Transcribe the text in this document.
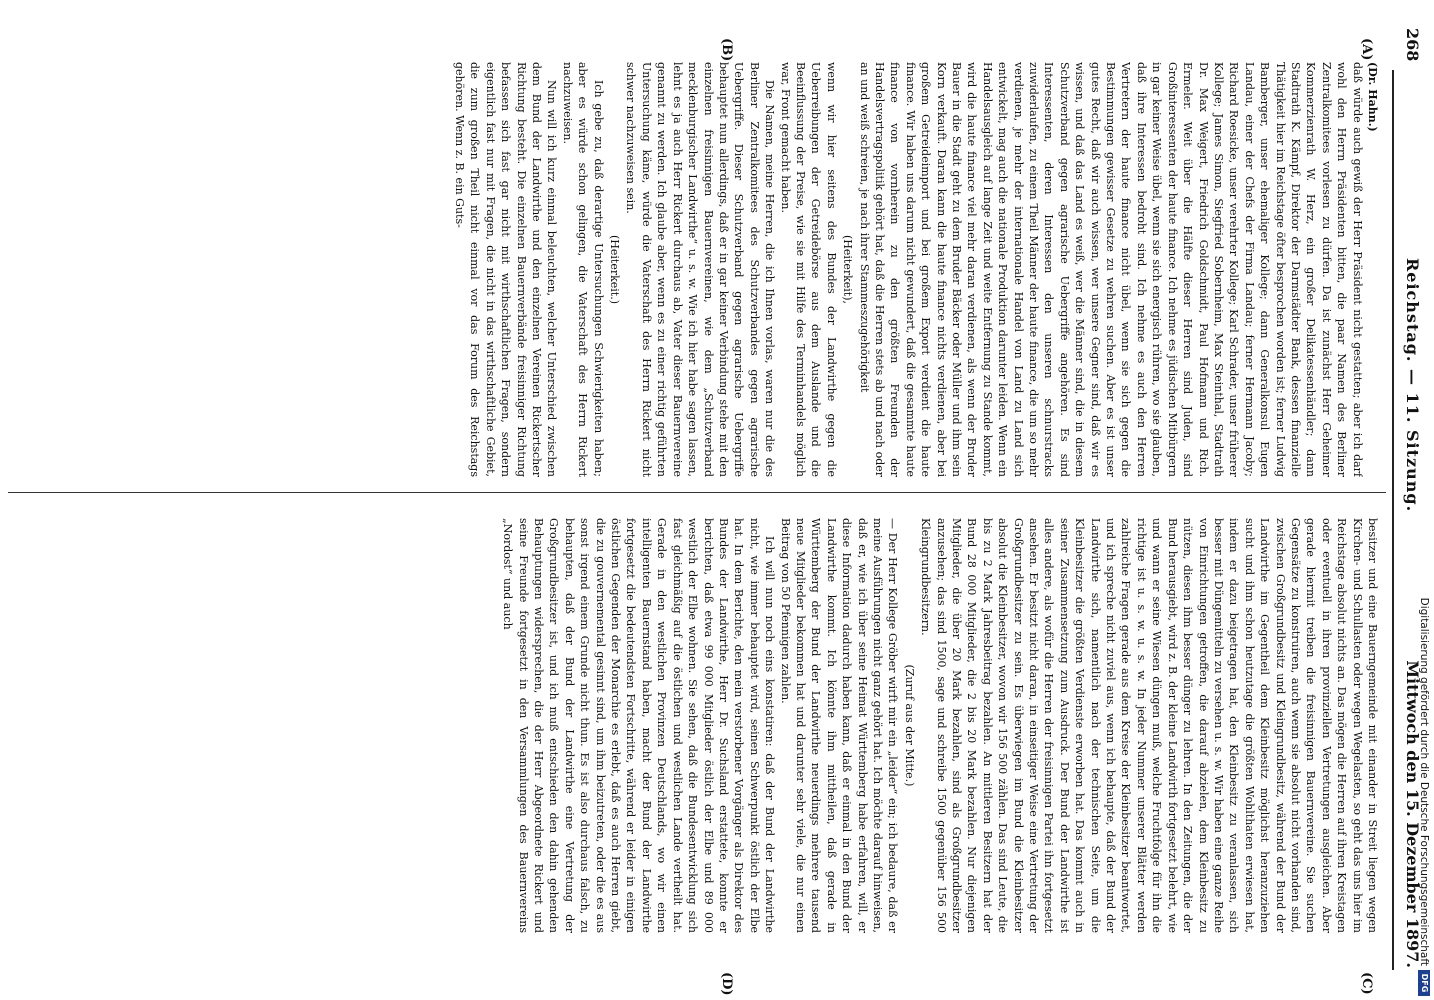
268
Reichstag. — 11. Sitzung.
Mittwoch den 15. Dezember 1897.
(A)
(B)
(C)
(D)
(Dr. Hahn.)

daß würde auch gewiß der Herr Präsident nicht gestatten; aber ich darf wohl den Herrn Präsidenten bitten, die paar Namen des Berliner Zentralkomitees vorlesen zu dürfen. Da ist zunächst Herr Geheimer Kommerzienrath W. Herz, ein großer Delikatessenhändler; dann Stadtrath K. Kämpf, Direktor der Darmstädter Bank, dessen finanzielle Thätigkeit hier im Reichstage öfter besprochen worden ist; ferner Ludwig Bamberger, unser ehemaliger Kollege; dann Generalkonsul Eugen Landau, einer der Chefs der Firma Landau; ferner Hermann Jacoby; Richard Roesicke, unser verehrter Kollege; Karl Schrader, unser früherer Kollege; James Simon, Siegfried Sobernheim, Max Steinthal, Stadtrath Dr. Max Weigert, Friedrich Goldschmidt, Paul Hofmann und Rich. Ermeler. Weit über die Hälfte dieser Herren sind Juden, sind Großinteressenten der haute finance. Ich nehme es jüdischen Mitbürgern in gar keiner Weise übel, wenn sie sich energisch rühren, wo sie glauben, daß ihre Interessen bedroht sind. Ich nehme es auch den Herren Vertretern der haute finance nicht übel, wenn sie sich gegen die Bestimmungen gewisser Gesetze zu wehren suchen. Aber es ist unser gutes Recht, daß wir auch wissen, wer unsere Gegner sind, daß wir es wissen, und daß das Land es weiß, wer die Männer sind, die in diesem Schutzverband gegen agrarische Uebergriffe angehören. Es sind Interessenten, deren Interessen den unseren schnurstracks zuwiderlaufen, zu einem Theil Männer der haute finance, die um so mehr verdienen, je mehr der internationale Handel von Land zu Land sich entwickelt, mag auch die nationale Produktion darunter leiden. Wenn ein Handelsausgleich auf lange Zeit und weite Entfernung zu Stande kommt, wird die haute finance viel mehr daran verdienen, als wenn der Bruder Bauer in die Stadt geht zu dem Bruder Bäcker oder Müller und ihm sein Korn verkauft. Daran kann die haute finance nichts verdienen, aber bei großem Getreideimport und bei großem Export verdient die haute finance. Wir haben uns darum nicht gewundert, daß die gesammte haute finance von vornherein zu den größten Freunden der Handelsvertragspolitik gehört hat, daß die Herren stets ab und nach oder an und weiß schreien, je nach ihrer Stammeszugehörigkeit

(Heiterkeit),

wenn wir hier seitens des Bundes der Landwirthe gegen die Ueberreibungen der Getreidebörse aus dem Auslande und die Beeinflussung der Preise, wie sie mit Hilfe des Terminhandels möglich war, Front gemacht haben.

Die Namen, meine Herren, die ich Ihnen vorlas, waren nur die des Berliner Zentralkomitees des Schutzverbandes gegen agrarische Uebergriffe. Dieser Schutzverband gegen agrarische Uebergriffe behauptet nun allerdings, daß er in gar keiner Verbindung stehe mit den einzelnen freisinnigen Bauernvereinen, wie dem „Schutzverband mecklenburgischer Landwirthe“ u. s. w. Wie ich hier habe sagen lassen, lehnt es ja auch Herr Rickert durchaus ab, Vater dieser Bauernvereine genannt zu werden. Ich glaube aber, wenn es zu einer richtig geführten Untersuchung käme, würde die Vaterschaft des Herrn Rickert nicht schwer nachzuweisen sein.

(Heiterkeit.)

Ich gebe zu, daß derartige Untersuchungen Schwierigkeiten haben; aber es würde schon gelingen, die Vaterschaft des Herrn Rickert nachzuweisen.

Nun will ich kurz einmal beleuchten, welcher Unterschied zwischen dem Bund der Landwirthe und den einzelnen Vereinen Rickertscher Richtung besteht. Die einzelnen Bauernverbände freisinniger Richtung befassen sich fast gar nicht mit wirthschaftlichen Fragen, sondern eigentlich fast nur mit Fragen, die nicht in das wirthschaftliche Gebiet, die zum großen Theil nicht einmal vor das Forum des Reichstags gehören. Wenn z. B. ein Guts-

besitzer und eine Bauerngemeinde mit einander in Streit liegen wegen Kirchen- und Schullasten oder wegen Wegelasten, so geht das uns hier im Reichstage absolut nichts an. Das mögen die Herren auf ihren Kreistagen oder eventuell in ihren provinziellen Vertretungen ausgleichen. Aber gerade hiermit treiben die freisinnigen Bauernvereine. Sie suchen Gegensätze zu konstruiren, auch wenn sie absolut nicht vorhanden sind, zwischen Großgrundbesitz und Kleingrundbesitz, während der Bund der Landwirthe im Gegentheil dem Kleinbesitz möglichst heranzuziehen sucht und ihm schon heutzutage die größten Wohlthaten erwiesen hat, indem er dazu beigetragen hat, den Kleinbesitz zu veranlassen, sich besser mit Düngemitteln zu versehen u. s. w. Wir haben eine ganze Reihe von Einrichtungen getroffen, die darauf abzielen, dem Kleinbesitz zu nützen, diesen ihm besser dünger zu lehren. In den Zeitungen, die der Bund herausgiebt, wird z. B. der kleine Landwirth fortgesetzt belehrt, wie und wann er seine Wiesen düngen muß, welche Fruchtfolge für ihn die richtige ist u. s. w. u. s. w. In jeder Nummer unserer Blätter werden zahlreiche Fragen gerade aus dem Kreise der Kleinbesitzer beantwortet, und ich spreche nicht zuviel aus, wenn ich behaupte, daß der Bund der Landwirthe sich, namentlich nach der technischen Seite, um die Kleinbesitzer die größten Verdienste erworben hat. Das kommt auch in seiner Zusammensetzung zum Ausdruck. Der Bund der Landwirthe ist alles andere, als wofür die Herren der freisinnigen Partei ihn fortgesetzt ansehen. Er besitzt nicht daran, in einseitiger Weise eine Vertretung der Großgrundbesitzer zu sein. Es überwiegen im Bund die Kleinbesitzer absolut die Kleinbesitzer, wovon wir 156 500 zählen. Das sind Leute, die bis zu 2 Mark Jahresbeitrag bezahlen. An mittleren Besitzern hat der Bund 28 000 Mitglieder, die 2 bis 20 Mark bezahlen. Nur diejenigen Mitglieder, die über 20 Mark bezahlen, sind als Großgrundbesitzer anzusehen; das sind 1500, sage und schreibe 1500 gegenüber 156 500 Kleingrundbesitzern.

(Zuruf aus der Mitte.)

— Der Herr Kollege Gröber wirft mir ein „leider“ ein; ich bedaure, daß er meine Ausführungen nicht ganz gehört hat. Ich möchte darauf hinweisen, daß er, wie ich über seine Heimat Württemberg habe erfahren, will, er diese Information dadurch haben kann, daß er einmal in den Bund der Landwirthe kommt. Ich könnte ihm mittheilen, daß gerade in Württemberg der Bund der Landwirthe neuerdings mehrere tausend neue Mitglieder bekommen hat und darunter sehr viele, die nur einen Beitrag von 50 Pfennigen zahlen.

Ich will nun noch eins konstatiren: daß der Bund der Landwirthe nicht, wie immer behauptet wird, seinen Schwerpunkt östlich der Elbe hat. In dem Berichte, den mein verstorbener Vorgänger als Direktor des Bundes der Landwirthe, Herr Dr. Suchsland erstattete, konnte er berichten, daß etwa 99 000 Mitglieder östlich der Elbe und 89 000 westlich der Elbe wohnen. Sie sehen, daß die Bundesentwicklung sich fast gleichmäßig auf die östlichen und westlichen Lande vertheilt hat. Gerade in den westlichen Provinzen Deutschlands, wo wir einen intelligenten Bauernstand haben, macht der Bund der Landwirthe fortgesetzt die bedeutendsten Fortschritte, während er leider in einigen östlichen Gegenden der Monarchie es erlebt, daß es auch Herren giebt, die zu gouvernemental gesinnt sind, um ihm beizutreten, oder die es aus sonst irgend einem Grunde nicht thun. Es ist also durchaus falsch, zu behaupten, daß der Bund der Landwirthe eine Vertretung der Großgrundbesitzer ist, und ich muß entschieden den dahin gehenden Behauptungen widersprechen, die der Herr Abgeordnete Rickert und seine Freunde fortgesetzt in den Versammlungen des Bauernvereins „Nordost“ und auch

Digitalisierung gefördert durch die Deutsche Forschungsgemeinschaft
DFG
